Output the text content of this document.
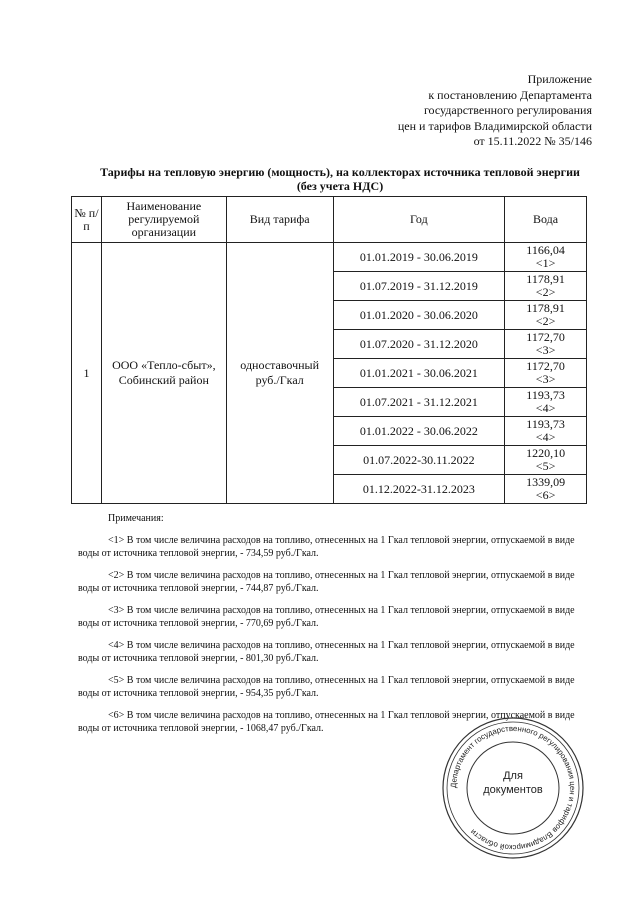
Приложение
к постановлению Департамента
государственного регулирования
цен и тарифов Владимирской области
от 15.11.2022 № 35/146
Тарифы на тепловую энергию (мощность), на коллекторах источника тепловой энергии
(без учета НДС)
№ п/п	Наименование регулируемой организации	Вид тарифа	Год	Вода
1	ООО «Тепло-сбыт», Собинский район	одноставочный руб./Гкал	01.01.2019 - 30.06.2019	1166,04
<1>

			01.07.2019 - 31.12.2019	1178,91
<2>

			01.01.2020 - 30.06.2020	1178,91
<2>

			01.07.2020 - 31.12.2020	1172,70
<3>

			01.01.2021 - 30.06.2021	1172,70
<3>

			01.07.2021 - 31.12.2021	1193,73
<4>

			01.01.2022 - 30.06.2022	1193,73
<4>

			01.07.2022-30.11.2022	1220,10
<5>

			01.12.2022-31.12.2023	1339,09
<6>
Примечания:

<1> В том числе величина расходов на топливо, отнесенных на 1 Гкал тепловой энергии, отпускаемой в виде воды от источника тепловой энергии, - 734,59 руб./Гкал.

<2> В том числе величина расходов на топливо, отнесенных на 1 Гкал тепловой энергии, отпускаемой в виде воды от источника тепловой энергии, - 744,87 руб./Гкал.

<3> В том числе величина расходов на топливо, отнесенных на 1 Гкал тепловой энергии, отпускаемой в виде воды от источника тепловой энергии, - 770,69 руб./Гкал.

<4> В том числе величина расходов на топливо, отнесенных на 1 Гкал тепловой энергии, отпускаемой в виде воды от источника тепловой энергии, - 801,30 руб./Гкал.

<5> В том числе величина расходов на топливо, отнесенных на 1 Гкал тепловой энергии, отпускаемой в виде воды от источника тепловой энергии, - 954,35 руб./Гкал.

<6> В том числе величина расходов на топливо, отнесенных на 1 Гкал тепловой энергии, отпускаемой в виде воды от источника тепловой энергии, - 1068,47 руб./Гкал.

Департамент государственного регулирования цен и тарифов Владимирской области
Для
документов
